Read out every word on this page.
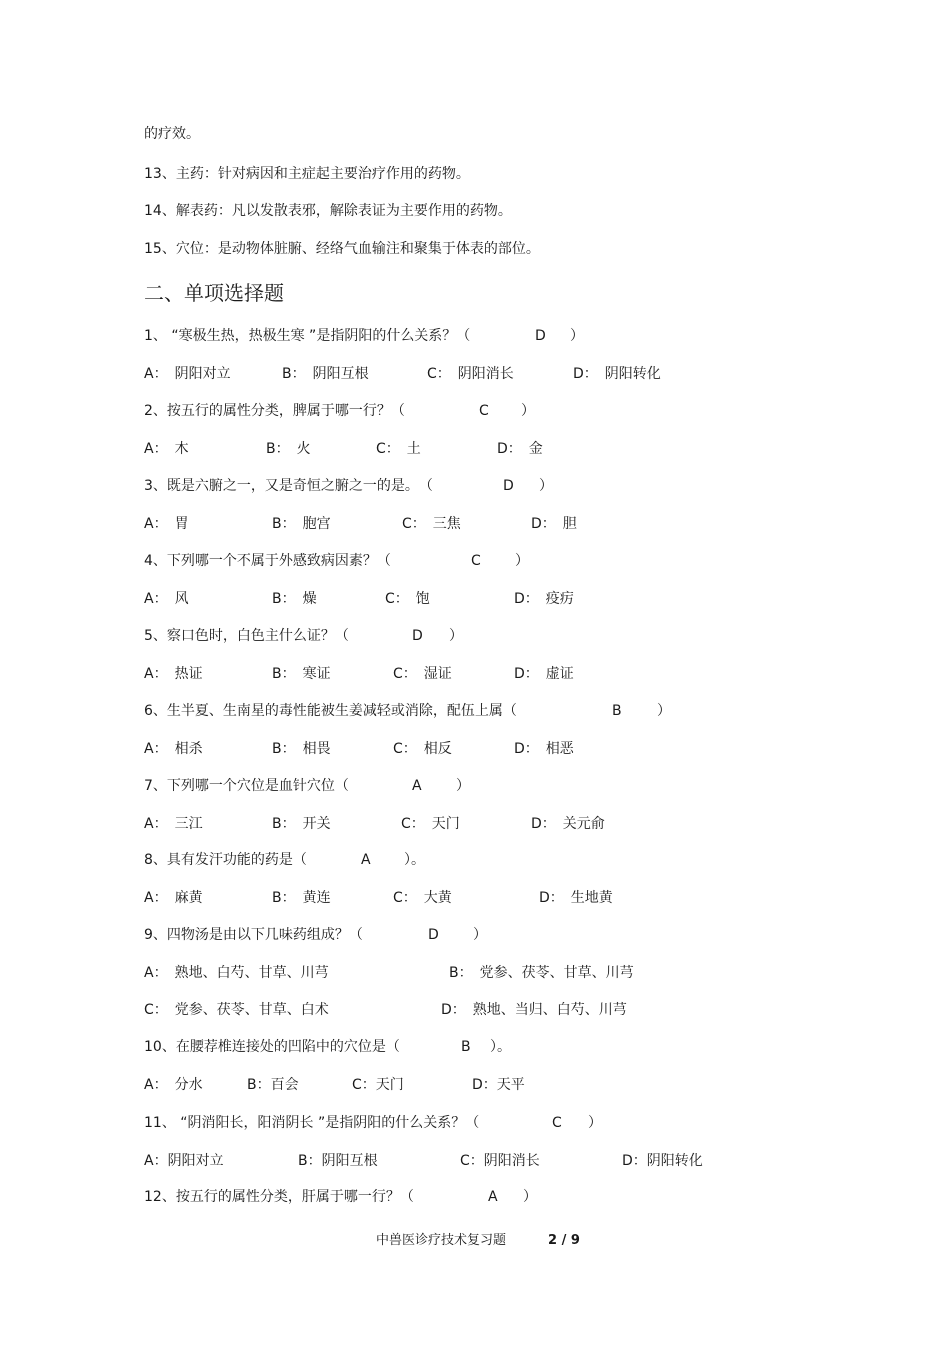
的疗效。
13、主药：针对病因和主症起主要治疗作用的药物。
14、解表药：凡以发散表邪，解除表证为主要作用的药物。
15、穴位：是动物体脏腑、经络气血输注和聚集于体表的部位。
二、单项选择题
1、 “寒极生热，热极生寒 ”是指阴阳的什么关系？（	D ）
A：　阴阳对立	B：　阴阳互根	C：　阴阳消长	D：　阴阳转化
2、按五行的属性分类，脾属于哪一行？（	C ）
A：　木	B：　火	C：　土	D：　金
3、既是六腑之一，又是奇恒之腑之一的是。　（	D ）
A：　胃	B：　胞宫	C：　三焦	D：　胆
4、下列哪一个不属于外感致病因素？（	C ）
A：　风	B：　燥	C：　饱	D：　疫疠
5、察口色时，白色主什么证？（	D ）
A：　热证	B：　寒证	C：　湿证	D：　虚证
6、生半夏、生南星的毒性能被生姜减轻或消除，配伍上属（	B	）
A：　相杀	B：　相畏	C：　相反	D：　相恶
7、下列哪一个穴位是血针穴位（	A ）
A：　三江	B：　开关	C：　天门	D：　关元俞
8、具有发汗功能的药是（	A ）。
A：　麻黄	B：　黄连	C：　大黄	D：　生地黄
9、四物汤是由以下几味药组成？（	D ）
A：　熟地、白芍、甘草、川芎	B：　党参、茯苓、甘草、川芎
C：　党参、茯苓、甘草、白术	D：　熟地、当归、白芍、川芎
10、在腰荐椎连接处的凹陷中的穴位是（	B ）。
A：　分水	B：百会	C：天门	D：天平
11、 “阴消阳长，阳消阴长 ”是指阴阳的什么关系？（	C ）
A：阴阳对立	B：阴阳互根	C：阴阳消长	D：阴阳转化
12、按五行的属性分类，肝属于哪一行？（	A ）
中兽医诊疗技术复习题	2 / 9
